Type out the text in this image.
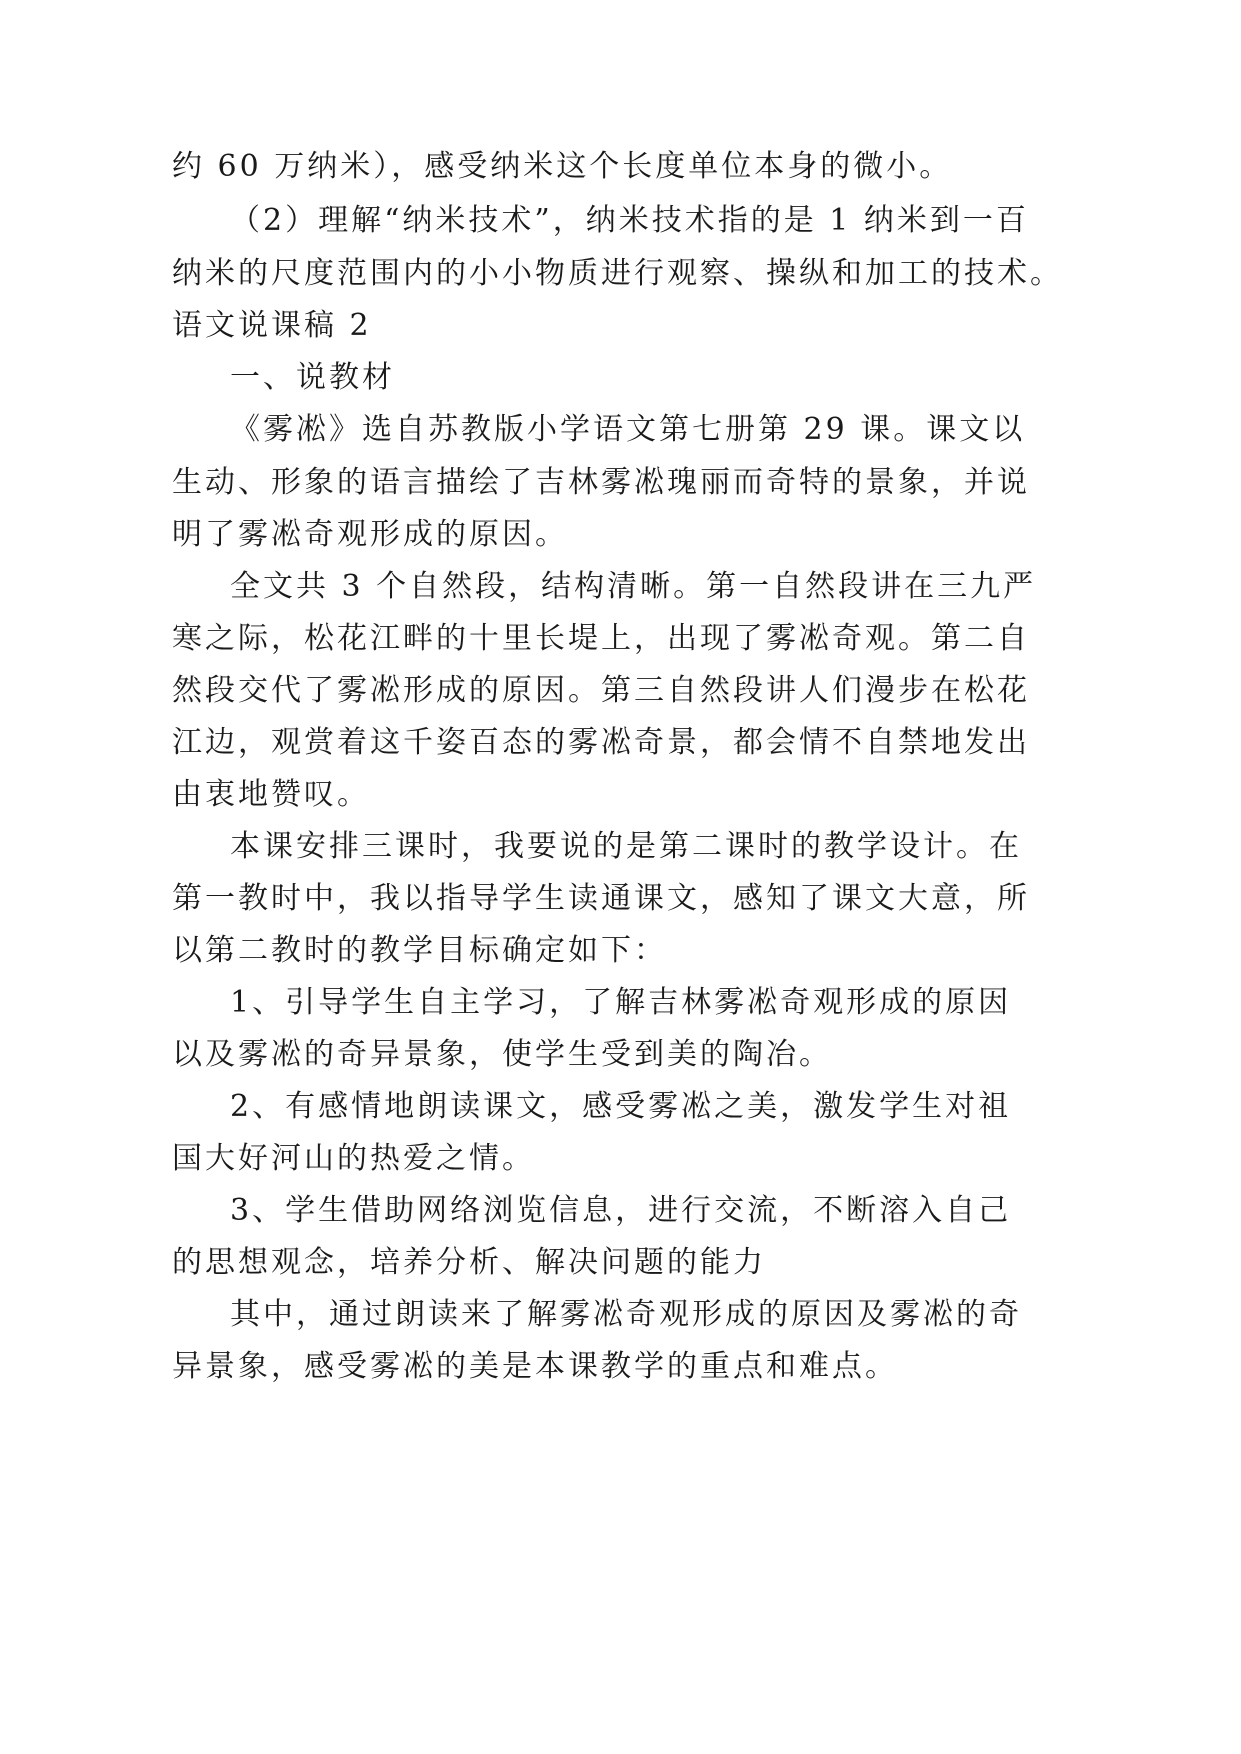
约 60 万纳米），感受纳米这个长度单位本身的微小。
（2）理解“纳米技术”，纳米技术指的是 1 纳米到一百
纳米的尺度范围内的小小物质进行观察、操纵和加工的技术。
语文说课稿 2
一、说教材
《雾凇》选自苏教版小学语文第七册第 29 课。课文以
生动、形象的语言描绘了吉林雾凇瑰丽而奇特的景象，并说
明了雾凇奇观形成的原因。
全文共 3 个自然段，结构清晰。第一自然段讲在三九严
寒之际，松花江畔的十里长堤上，出现了雾凇奇观。第二自
然段交代了雾凇形成的原因。第三自然段讲人们漫步在松花
江边，观赏着这千姿百态的雾凇奇景，都会情不自禁地发出
由衷地赞叹。
本课安排三课时，我要说的是第二课时的教学设计。在
第一教时中，我以指导学生读通课文，感知了课文大意，所
以第二教时的教学目标确定如下：
1、引导学生自主学习，了解吉林雾凇奇观形成的原因
以及雾凇的奇异景象，使学生受到美的陶冶。
2、有感情地朗读课文，感受雾凇之美，激发学生对祖
国大好河山的热爱之情。
3、学生借助网络浏览信息，进行交流，不断溶入自己
的思想观念，培养分析、解决问题的能力
其中，通过朗读来了解雾凇奇观形成的原因及雾凇的奇
异景象，感受雾凇的美是本课教学的重点和难点。
